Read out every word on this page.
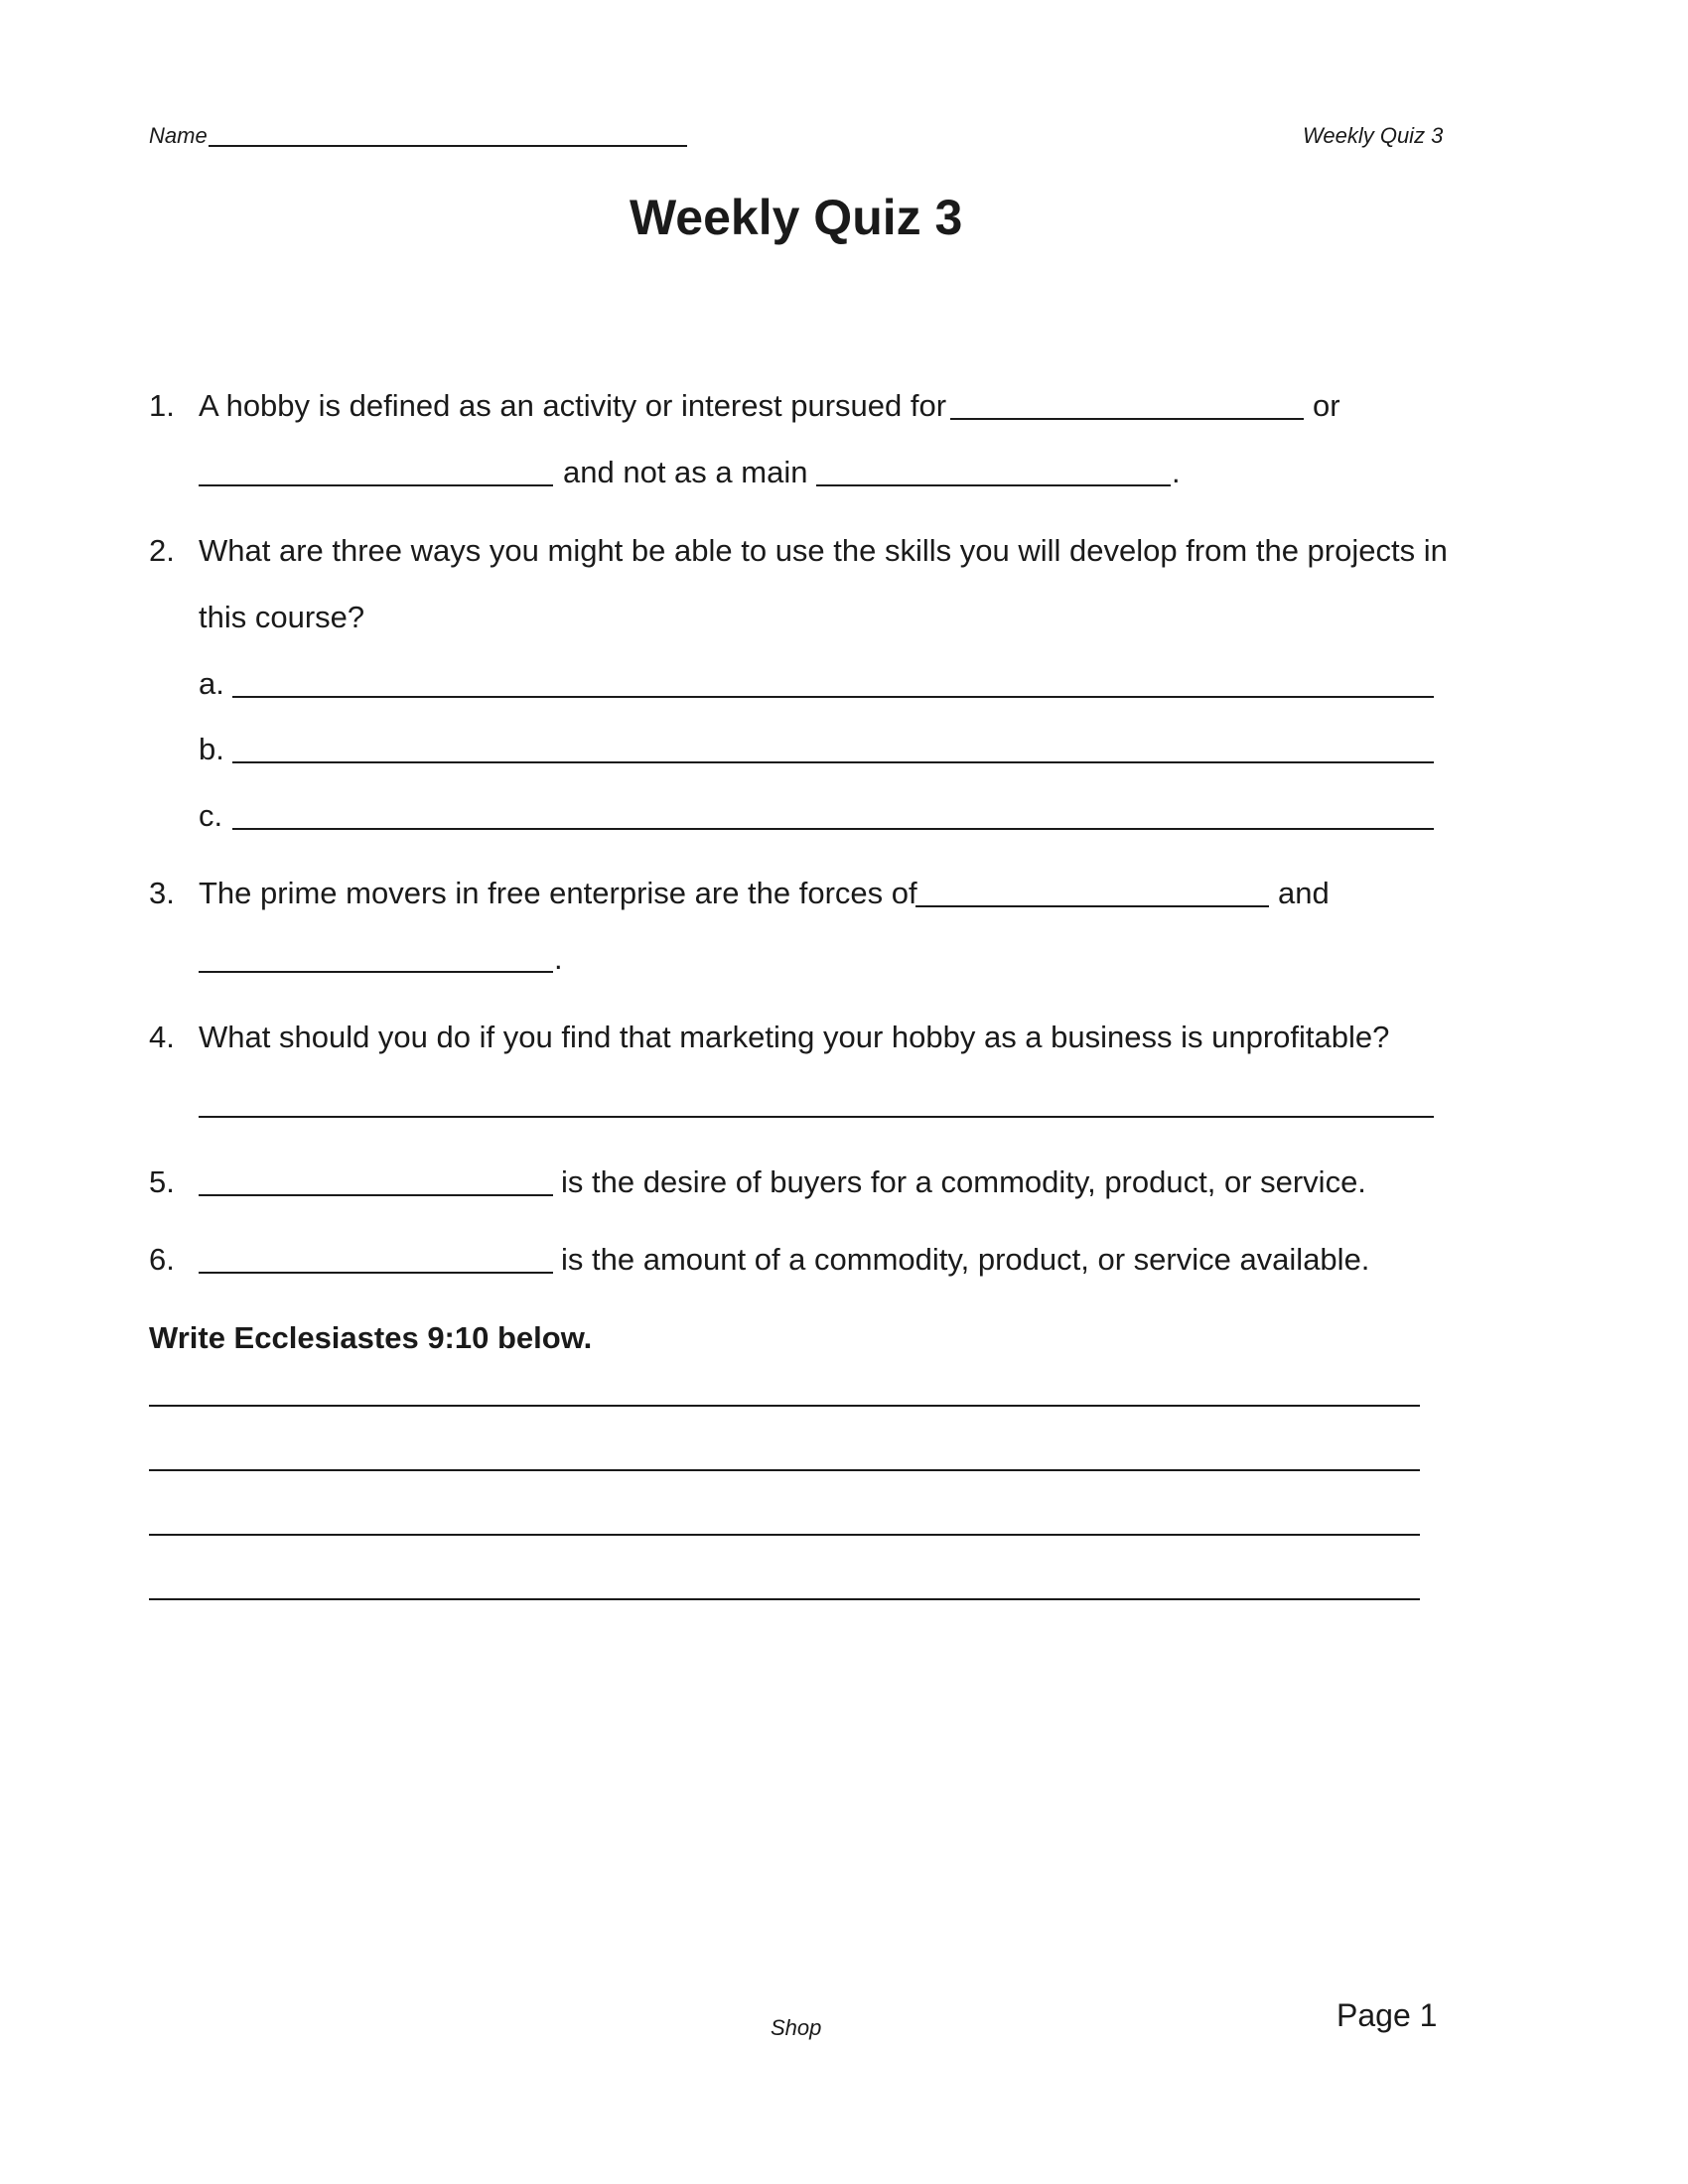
Name	Weekly Quiz 3
Weekly Quiz 3
1. A hobby is defined as an activity or interest pursued for	or
and not as a main	.
2. What are three ways you might be able to use the skills you will develop from the projects in
this course?
a.
b.
c.
3. The prime movers in free enterprise are the forces of	and
.
4. What should you do if you find that marketing your hobby as a business is unprofitable?
5.	is the desire of buyers for a commodity, product, or service.
6.	is the amount of a commodity, product, or service available.
Write Ecclesiastes 9:10 below.
Shop	Page 1
